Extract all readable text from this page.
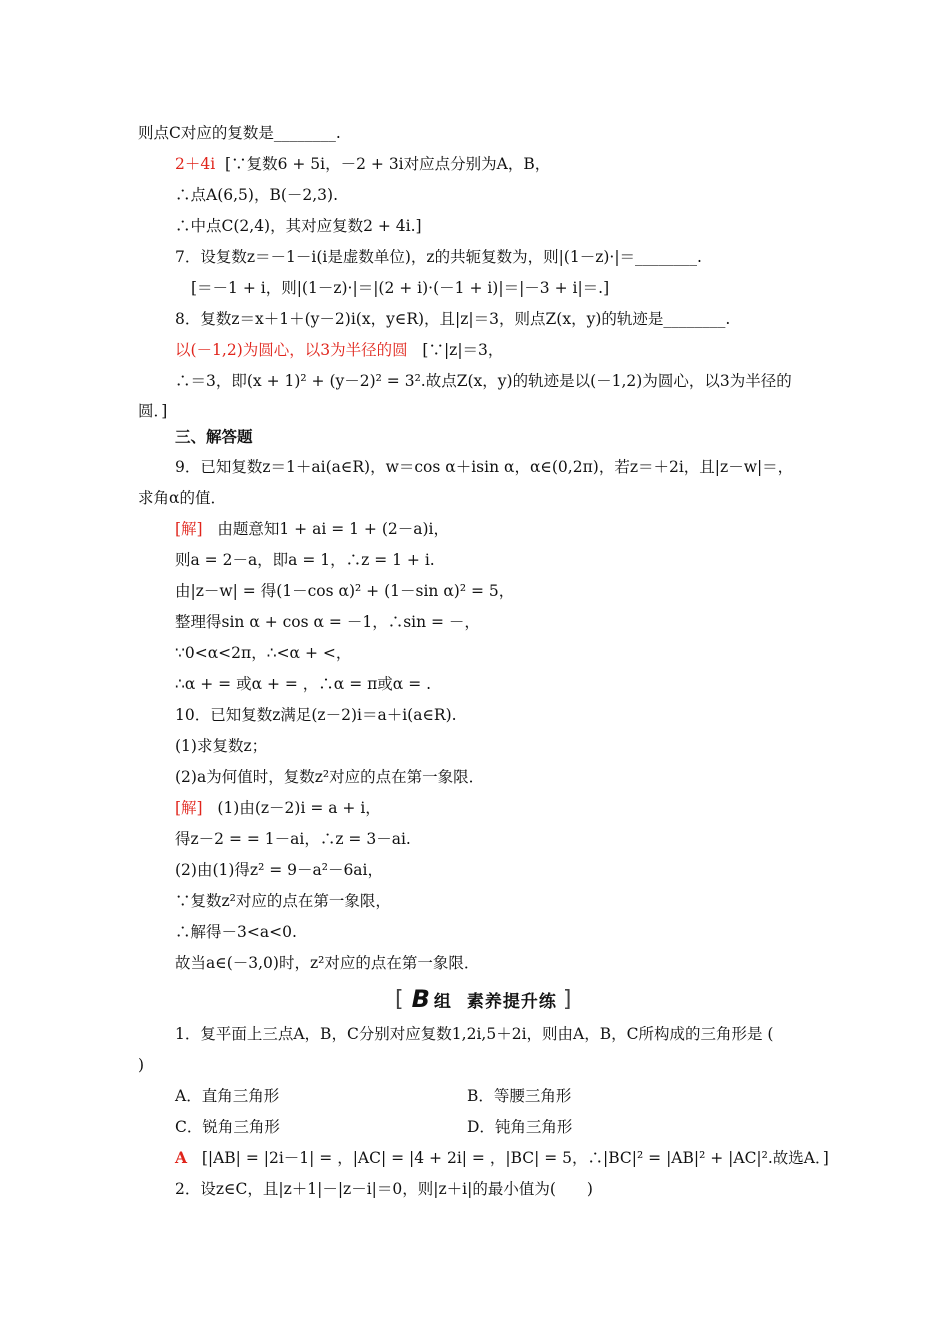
则点C对应的复数是________.
2＋4i [∵复数6 + 5i，－2 + 3i对应点分别为A，B，
∴点A(6,5)，B(－2,3).
∴中点C(2,4)，其对应复数2 + 4i.]
7．设复数z＝－1－i(i是虚数单位)，z的共轭复数为，则|(1－z)·|＝________.
[＝－1 + i，则|(1－z)·|＝|(2 + i)·(－1 + i)|＝|－3 + i|＝.]
8．复数z＝x＋1＋(y－2)i(x，y∈R)，且|z|＝3，则点Z(x，y)的轨迹是________.
以(－1,2)为圆心，以3为半径的圆 [∵|z|＝3，
∴＝3，即(x + 1)² + (y－2)² = 3².故点Z(x，y)的轨迹是以(－1,2)为圆心，以3为半径的
圆．]
三、解答题
9．已知复数z＝1＋ai(a∈R)，w＝cos α＋isin α，α∈(0,2π)，若z＝＋2i，且|z－w|＝，
求角α的值．
[解] 由题意知1 + ai = 1 + (2－a)i，
则a = 2－a，即a = 1，∴z = 1 + i.
由|z－w| = 得(1－cos α)² + (1－sin α)² = 5，
整理得sin α + cos α = －1，∴sin = －，
∵0<α<2π，∴<α + <，
∴α + = 或α + = ，∴α = π或α = .
10．已知复数z满足(z－2)i＝a＋i(a∈R).
(1)求复数z；
(2)a为何值时，复数z²对应的点在第一象限．
[解] (1)由(z－2)i = a + i，
得z－2 = = 1－ai，∴z = 3－ai.
(2)由(1)得z² = 9－a²－6ai，
∵复数z²对应的点在第一象限，
∴解得－3<a<0.
故当a∈(－3,0)时，z²对应的点在第一象限．
[ B 组 素养提升练 ]
1．复平面上三点A，B，C分别对应复数1,2i,5＋2i，则由A，B，C所构成的三角形是 (
)
A．直角三角形	B．等腰三角形
C．锐角三角形	D．钝角三角形
A [|AB| = |2i－1| = ，|AC| = |4 + 2i| = ，|BC| = 5，∴|BC|² = |AB|² + |AC|².故选A．]
2．设z∈C，且|z＋1|－|z－i|＝0，则|z＋i|的最小值为(　　)
